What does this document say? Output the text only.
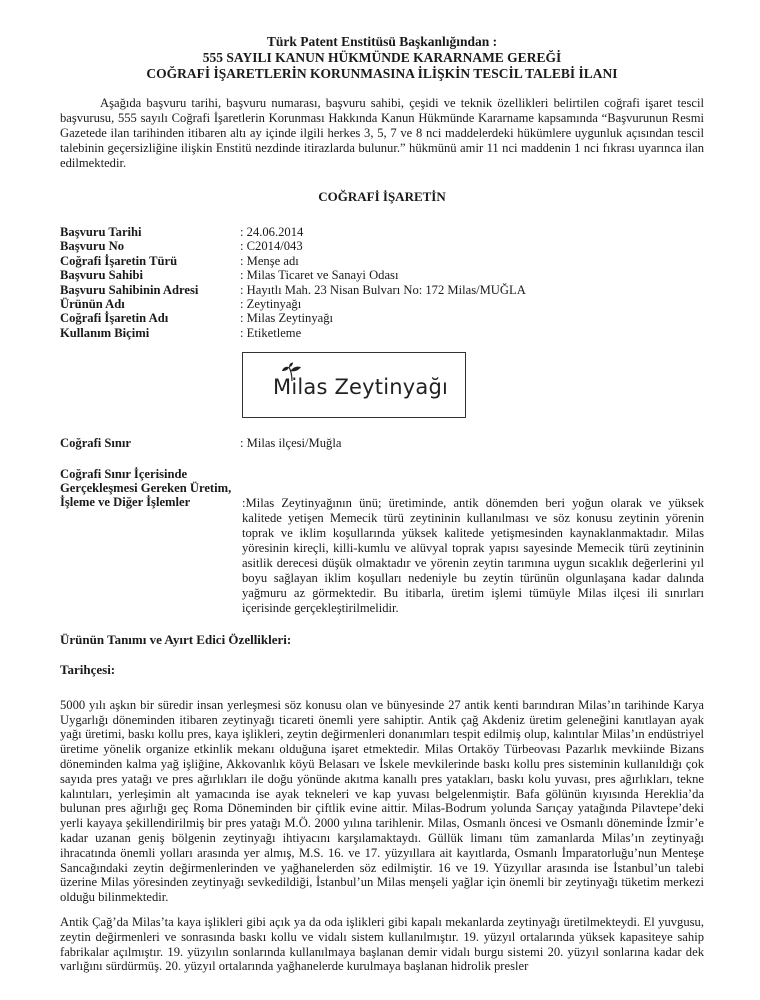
Türk Patent Enstitüsü Başkanlığından :
555 SAYILI KANUN HÜKMÜNDE KARARNAME GEREĞİ
COĞRAFİ İŞARETLERİN KORUNMASINA İLİŞKİN TESCİL TALEBİ İLANI

Aşağıda başvuru tarihi, başvuru numarası, başvuru sahibi, çeşidi ve teknik özellikleri belirtilen coğrafi işaret tescil başvurusu, 555 sayılı Coğrafi İşaretlerin Korunması Hakkında Kanun Hükmünde Kararname kapsamında “Başvurunun Resmi Gazetede ilan tarihinden itibaren altı ay içinde ilgili herkes 3, 5, 7 ve 8 nci maddelerdeki hükümlere uygunluk açısından tescil talebinin geçersizliğine ilişkin Enstitü nezdinde itirazlarda bulunur.” hükmünü amir 11 nci maddenin 1 nci fıkrası uyarınca ilan edilmektedir.

COĞRAFİ İŞARETİN
Başvuru Tarihi	: 24.06.2014
Başvuru No	: C2014/043
Coğrafi İşaretin Türü	: Menşe adı
Başvuru Sahibi	: Milas Ticaret ve Sanayi Odası
Başvuru Sahibinin Adresi	: Hayıtlı Mah. 23 Nisan Bulvarı No: 172 Milas/MUĞLA
Ürünün Adı	: Zeytinyağı
Coğrafi İşaretin Adı	: Milas Zeytinyağı
Kullanım Biçimi	: Etiketleme
Milas Zeytinyağı
Coğrafi Sınır	: Milas ilçesi/Muğla
Coğrafi Sınır İçerisinde
Gerçekleşmesi Gereken Üretim,
İşleme ve Diğer İşlemler	:Milas Zeytinyağının ünü; üretiminde, antik dönemden beri yoğun olarak ve yüksek kalitede yetişen Memecik türü zeytininin kullanılması ve söz konusu zeytinin yörenin toprak ve iklim koşullarında yüksek kalitede yetişmesinden kaynaklanmaktadır. Milas yöresinin kireçli, killi-kumlu ve alüvyal toprak yapısı sayesinde Memecik türü zeytininin asitlik derecesi düşük olmaktadır ve yörenin zeytin tarımına uygun sıcaklık değerlerini yıl boyu sağlayan iklim koşulları nedeniyle bu zeytin türünün olgunlaşana kadar dalında yağmuru az görmektedir. Bu itibarla, üretim işlemi tümüyle Milas ilçesi ili sınırları içerisinde gerçekleştirilmelidir.
Ürünün Tanımı ve Ayırt Edici Özellikleri:
Tarihçesi:

5000 yılı aşkın bir süredir insan yerleşmesi söz konusu olan ve bünyesinde 27 antik kenti barındıran Milas’ın tarihinde Karya Uygarlığı döneminden itibaren zeytinyağı ticareti önemli yere sahiptir. Antik çağ Akdeniz üretim geleneğini kanıtlayan ayak yağı üretimi, baskı kollu pres, kaya işlikleri, zeytin değirmenleri donanımları tespit edilmiş olup, kalıntılar Milas’ın endüstriyel üretime yönelik organize etkinlik mekanı olduğuna işaret etmektedir. Milas Ortaköy Türbeovası Pazarlık mevkiinde Bizans döneminden kalma yağ işliğine, Akkovanlık köyü Belasarı ve İskele mevkilerinde baskı kollu pres sisteminin kullanıldığı çok sayıda pres yatağı ve pres ağırlıkları ile doğu yönünde akıtma kanallı pres yatakları, baskı kolu yuvası, pres ağırlıkları, tekne kalıntıları, yerleşimin alt yamacında ise ayak tekneleri ve kap yuvası belgelenmiştir. Bafa gölünün kıyısında Hereklia’da bulunan pres ağırlığı geç Roma Döneminden bir çiftlik evine aittir. Milas-Bodrum yolunda Sarıçay yatağında Pilavtepe’deki yerli kayaya şekillendirilmiş bir pres yatağı M.Ö. 2000 yılına tarihlenir. Milas, Osmanlı öncesi ve Osmanlı döneminde İzmir’e kadar uzanan geniş bölgenin zeytinyağı ihtiyacını karşılamaktaydı. Güllük limanı tüm zamanlarda Milas’ın zeytinyağı ihracatında önemli yolları arasında yer almış, M.S. 16. ve 17. yüzyıllara ait kayıtlarda, Osmanlı İmparatorluğu’nun Menteşe Sancağındaki zeytin değirmenlerinden ve yağhanelerden söz edilmiştir. 16 ve 19. Yüzyıllar arasında ise İstanbul’un talebi üzerine Milas yöresinden zeytinyağı sevkedildiği, İstanbul’un Milas menşeli yağlar için önemli bir zeytinyağı tüketim merkezi olduğu bilinmektedir.

Antik Çağ’da Milas’ta kaya işlikleri gibi açık ya da oda işlikleri gibi kapalı mekanlarda zeytinyağı üretilmekteydi. El yuvgusu, zeytin değirmenleri ve sonrasında baskı kollu ve vidalı sistem kullanılmıştır. 19. yüzyıl ortalarında yüksek kapasiteye sahip fabrikalar açılmıştır. 19. yüzyılın sonlarında kullanılmaya başlanan demir vidalı burgu sistemi 20. yüzyıl sonlarına kadar dek varlığını sürdürmüş. 20. yüzyıl ortalarında yağhanelerde kurulmaya başlanan hidrolik presler
